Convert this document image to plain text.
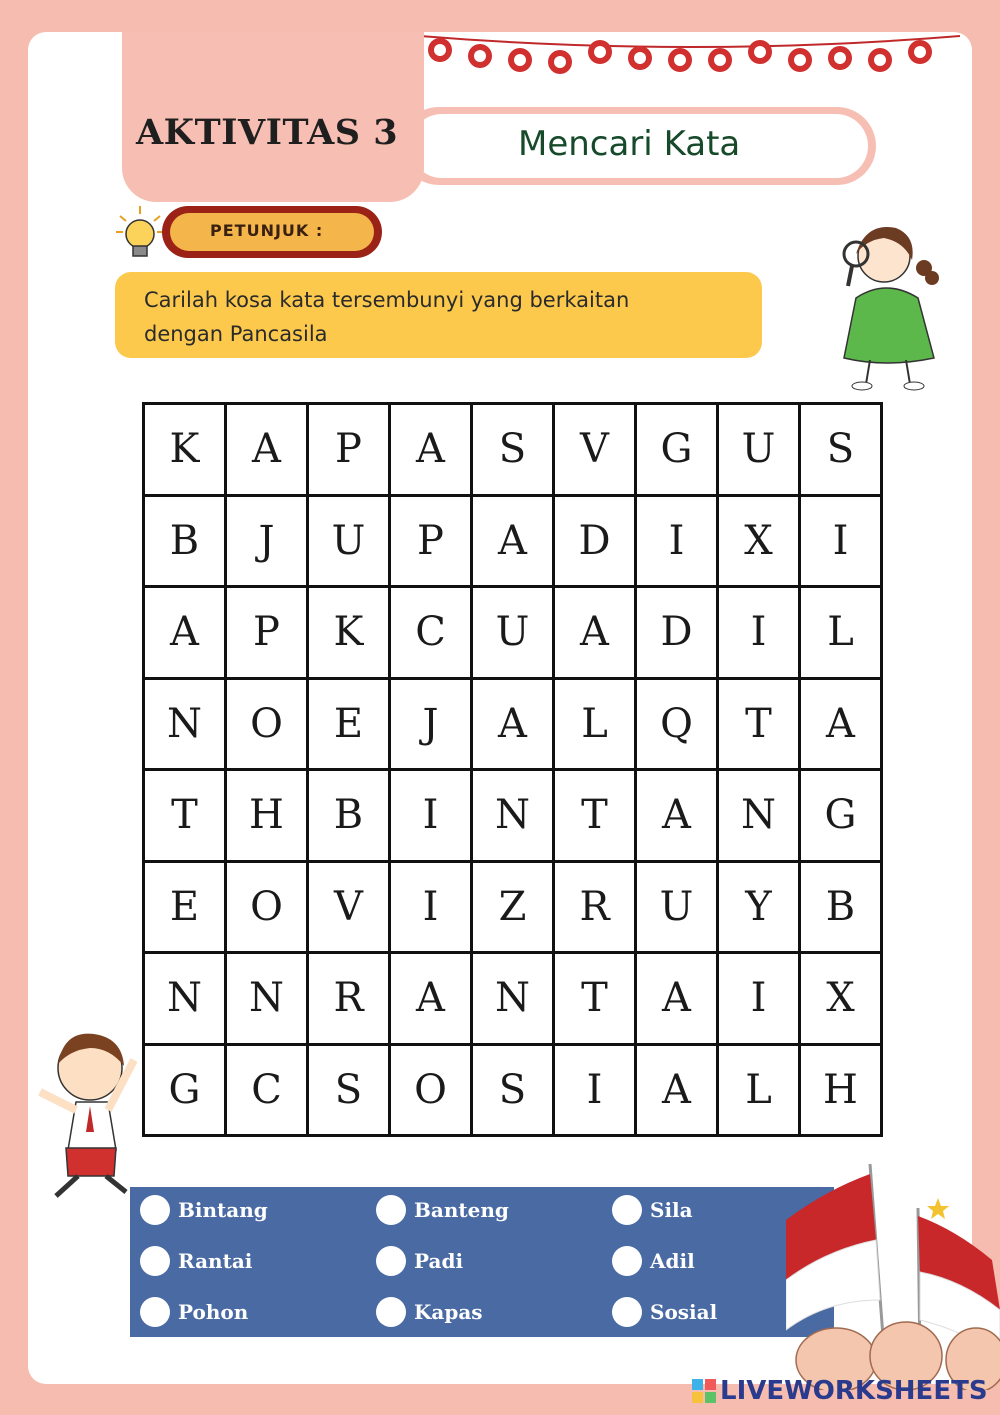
Mencari Kata
AKTIVITAS 3
PETUNJUK :
Carilah kosa kata tersembunyi yang berkaitan
dengan Pancasila
K	A	P	A	S	V	G	U	S
B	J	U	P	A	D	I	X	I
A	P	K	C	U	A	D	I	L
N	O	E	J	A	L	Q	T	A
T	H	B	I	N	T	A	N	G
E	O	V	I	Z	R	U	Y	B
N	N	R	A	N	T	A	I	X
G	C	S	O	S	I	A	L	H
Bintang	Banteng	Sila
Rantai	Padi	Adil
Pohon	Kapas	Sosial
LIVEWORKSHEETS
